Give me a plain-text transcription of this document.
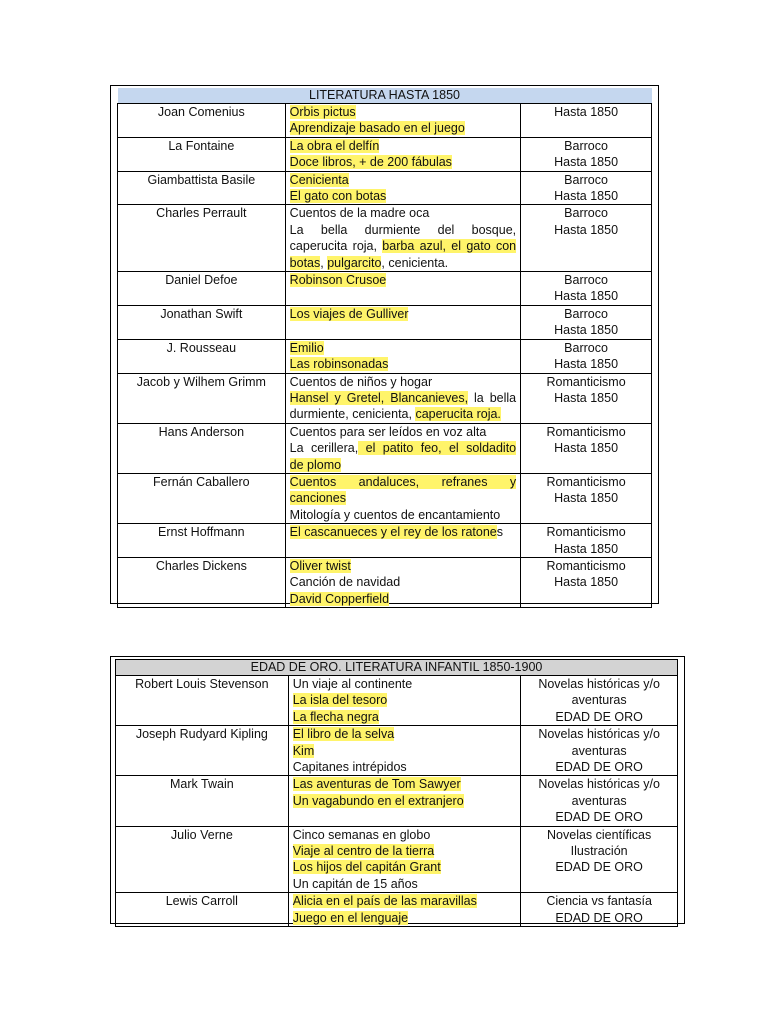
LITERATURA HASTA 1850		
Joan Comenius	Orbis pictus
Aprendizaje basado en el juego	Hasta 1850

La Fontaine	La obra el delfín
Doce libros, + de 200 fábulas	Barroco
Hasta 1850

Giambattista Basile	Cenicienta
El gato con botas	Barroco
Hasta 1850

Charles Perrault	Cuentos de la madre oca
La bella durmiente del bosque,
caperucita roja, barba azul, el gato con
botas, pulgarcito, cenicienta.	Barroco
Hasta 1850

Daniel Defoe	Robinson Crusoe	Barroco
Hasta 1850

Jonathan Swift	Los viajes de Gulliver	Barroco
Hasta 1850

J. Rousseau	Emilio
Las robinsonadas	Barroco
Hasta 1850

Jacob y Wilhem Grimm	Cuentos de niños y hogar
Hansel y Gretel, Blancanieves, la bella
durmiente, cenicienta, caperucita roja.	Romanticismo
Hasta 1850

Hans Anderson	Cuentos para ser leídos en voz alta
La cerillera, el patito feo, el soldadito
de plomo	Romanticismo
Hasta 1850

Fernán Caballero	Cuentos andaluces, refranes y
canciones
Mitología y cuentos de encantamiento	Romanticismo
Hasta 1850

Ernst Hoffmann	El cascanueces y el rey de los ratones	Romanticismo
Hasta 1850

Charles Dickens	Oliver twist
Canción de navidad
David Copperfield	Romanticismo
Hasta 1850
EDAD DE ORO. LITERATURA INFANTIL 1850-1900		
Robert Louis Stevenson	Un viaje al continente
La isla del tesoro
La flecha negra	Novelas históricas y/o
aventuras
EDAD DE ORO

Joseph Rudyard Kipling	El libro de la selva
Kim
Capitanes intrépidos	Novelas históricas y/o
aventuras
EDAD DE ORO

Mark Twain	Las aventuras de Tom Sawyer
Un vagabundo en el extranjero	Novelas históricas y/o
aventuras
EDAD DE ORO

Julio Verne	Cinco semanas en globo
Viaje al centro de la tierra
Los hijos del capitán Grant
Un capitán de 15 años	Novelas científicas
Ilustración
EDAD DE ORO

Lewis Carroll	Alicia en el país de las maravillas
Juego en el lenguaje	Ciencia vs fantasía
EDAD DE ORO
